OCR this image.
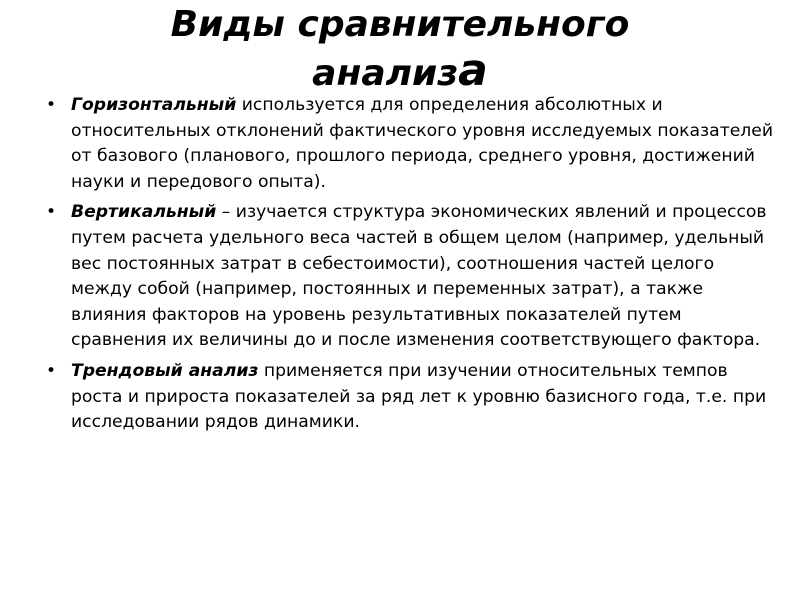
Виды сравнительного
анализа
• Горизонтальный используется для определения абсолютных и относительных отклонений фактического уровня исследуемых показателей от базового (планового, прошлого периода, среднего уровня, достижений науки и передового опыта).
• Вертикальный – изучается структура экономических явлений и процессов путем расчета удельного веса частей в общем целом (например, удельный вес постоянных затрат в себестоимости), соотношения частей целого между собой (например, постоянных и переменных затрат), а также влияния факторов на уровень результативных показателей путем сравнения их величины до и после изменения соответствующего фактора.
• Трендовый анализ применяется при изучении относительных темпов роста и прироста показателей за ряд лет к уровню базисного года, т.е. при исследовании рядов динамики.
